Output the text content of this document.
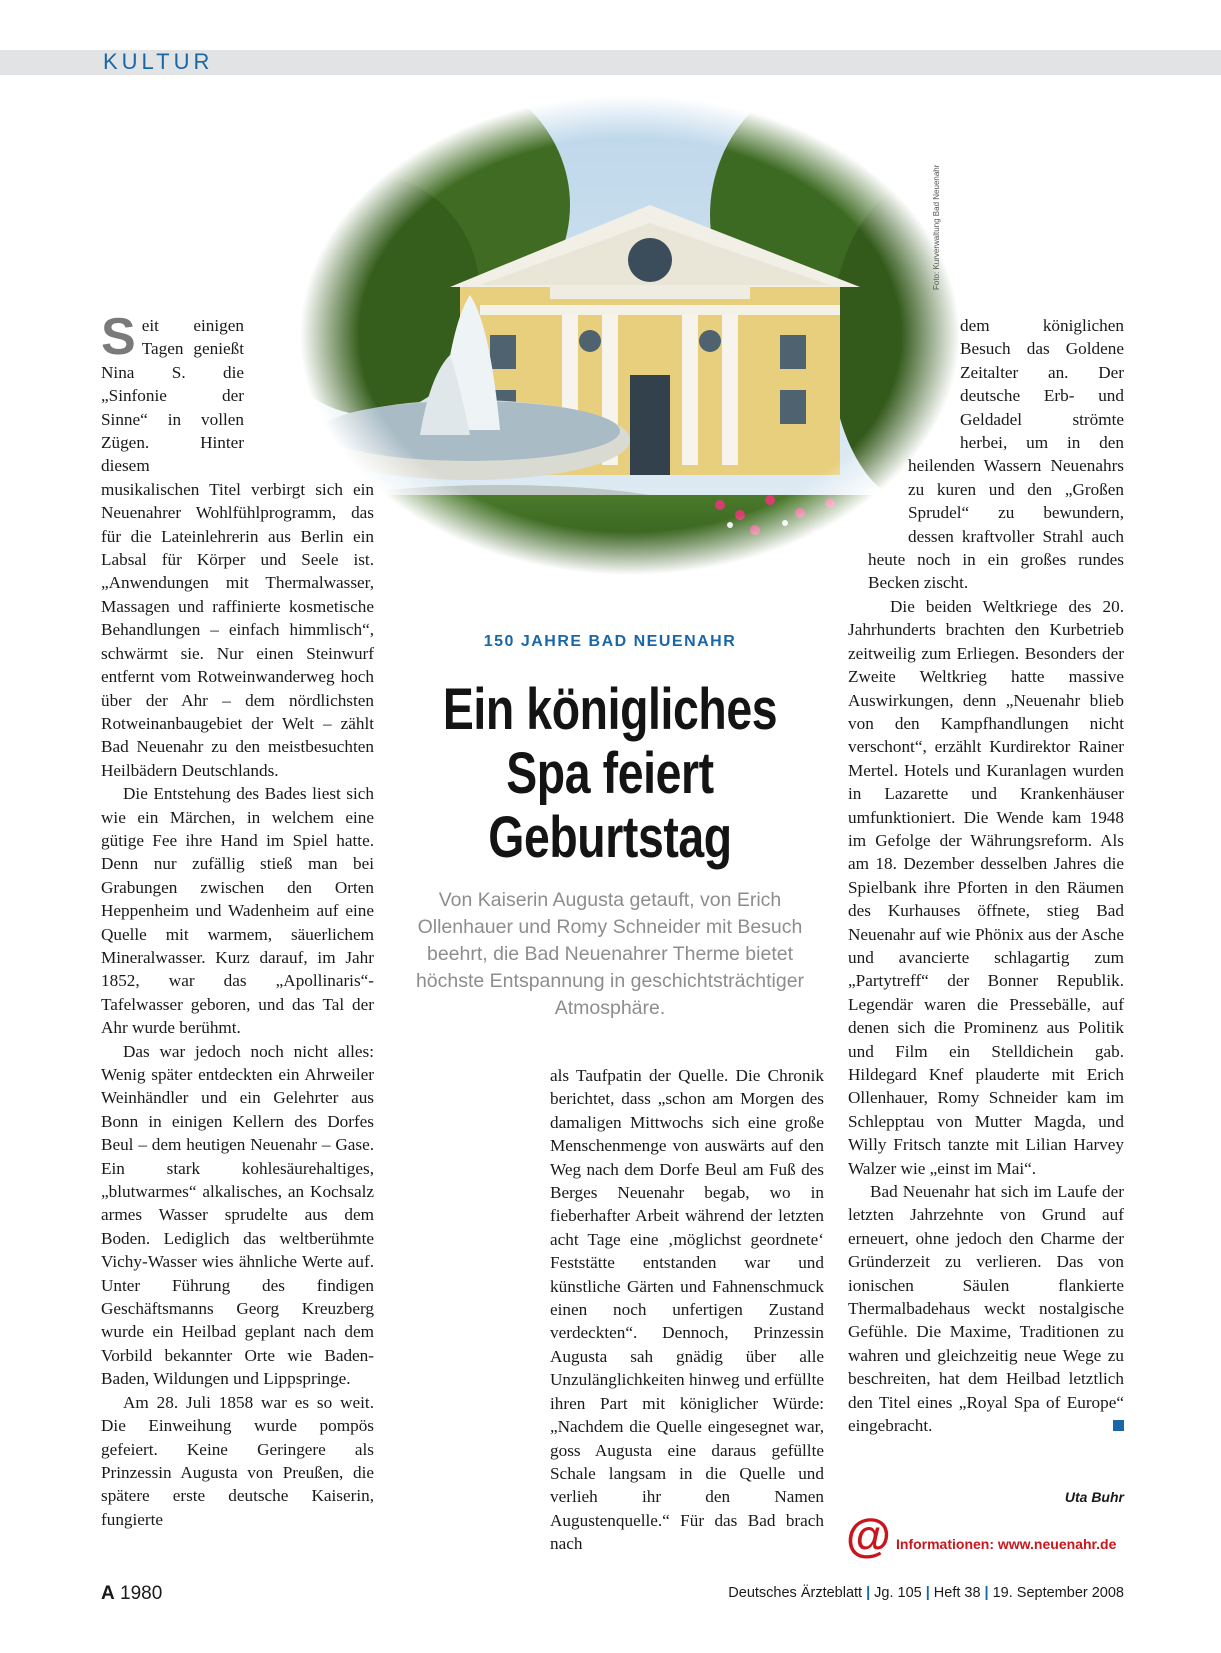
KULTUR
Foto: Kurverwaltung Bad Neuenahr

Seit einigen Tagen genießt Nina S. die „Sinfonie der Sinne“ in vollen Zügen. Hinter diesem musikalischen Titel verbirgt sich ein Neuenahrer Wohlfühlprogramm, das für die Lateinlehrerin aus Berlin ein Labsal für Körper und Seele ist. „Anwendungen mit Thermalwasser, Massagen und raffinierte kosmetische Behandlungen – einfach himmlisch“, schwärmt sie. Nur einen Steinwurf entfernt vom Rotweinwanderweg hoch über der Ahr – dem nördlichsten Rotweinanbaugebiet der Welt – zählt Bad Neuenahr zu den meistbesuchten Heilbädern Deutschlands.

Die Entstehung des Bades liest sich wie ein Märchen, in welchem eine gütige Fee ihre Hand im Spiel hatte. Denn nur zufällig stieß man bei Grabungen zwischen den Orten Heppenheim und Wadenheim auf eine Quelle mit warmem, säuerlichem Mineralwasser. Kurz darauf, im Jahr 1852, war das „Apollinaris“-Tafelwasser geboren, und das Tal der Ahr wurde berühmt.

Das war jedoch noch nicht alles: Wenig später entdeckten ein Ahrweiler Weinhändler und ein Gelehrter aus Bonn in einigen Kellern des Dorfes Beul – dem heutigen Neuenahr – Gase. Ein stark kohlesäurehaltiges, „blutwarmes“ alkalisches, an Kochsalz armes Wasser sprudelte aus dem Boden. Lediglich das weltberühmte Vichy-Wasser wies ähnliche Werte auf. Unter Führung des findigen Geschäftsmanns Georg Kreuzberg wurde ein Heilbad geplant nach dem Vorbild bekannter Orte wie Baden-Baden, Wildungen und Lippspringe.

Am 28. Juli 1858 war es so weit. Die Einweihung wurde pompös gefeiert. Keine Geringere als Prinzessin Augusta von Preußen, die spätere erste deutsche Kaiserin, fungierte

150 JAHRE BAD NEUENAHR
Ein königliches
Spa feiert
Geburtstag
Von Kaiserin Augusta getauft, von Erich Ollenhauer und Romy Schneider mit Besuch beehrt, die Bad Neuenahrer Therme bietet höchste Entspannung in geschichtsträchtiger Atmosphäre.

als Taufpatin der Quelle. Die Chronik berichtet, dass „schon am Morgen des damaligen Mittwochs sich eine große Menschenmenge von auswärts auf den Weg nach dem Dorfe Beul am Fuß des Berges Neuenahr begab, wo in fieberhafter Arbeit während der letzten acht Tage eine ‚möglichst geordnete‘ Feststätte entstanden war und künstliche Gärten und Fahnenschmuck einen noch unfertigen Zustand verdeckten“. Dennoch, Prinzessin Augusta sah gnädig über alle Unzulänglichkeiten hinweg und erfüllte ihren Part mit königlicher Würde: „Nachdem die Quelle eingesegnet war, goss Augusta eine daraus gefüllte Schale langsam in die Quelle und verlieh ihr den Namen Augustenquelle.“ Für das Bad brach nach

dem königlichen Besuch das Goldene Zeitalter an. Der deutsche Erb- und Geldadel strömte herbei, um in den heilenden Wassern Neuenahrs zu kuren und den „Großen Sprudel“ zu bewundern, dessen kraftvoller Strahl auch heute noch in ein großes rundes Becken zischt.

Die beiden Weltkriege des 20. Jahrhunderts brachten den Kurbetrieb zeitweilig zum Erliegen. Besonders der Zweite Weltkrieg hatte massive Auswirkungen, denn „Neuenahr blieb von den Kampfhandlungen nicht verschont“, erzählt Kurdirektor Rainer Mertel. Hotels und Kuranlagen wurden in Lazarette und Krankenhäuser umfunktioniert. Die Wende kam 1948 im Gefolge der Währungsreform. Als am 18. Dezember desselben Jahres die Spielbank ihre Pforten in den Räumen des Kurhauses öffnete, stieg Bad Neuenahr auf wie Phönix aus der Asche und avancierte schlagartig zum „Partytreff“ der Bonner Republik. Legendär waren die Pressebälle, auf denen sich die Prominenz aus Politik und Film ein Stelldichein gab. Hildegard Knef plauderte mit Erich Ollenhauer, Romy Schneider kam im Schlepptau von Mutter Magda, und Willy Fritsch tanzte mit Lilian Harvey Walzer wie „einst im Mai“.

Bad Neuenahr hat sich im Laufe der letzten Jahrzehnte von Grund auf erneuert, ohne jedoch den Charme der Gründerzeit zu verlieren. Das von ionischen Säulen flankierte Thermalbadehaus weckt nostalgische Gefühle. Die Maxime, Traditionen zu wahren und gleichzeitig neue Wege zu beschreiten, hat dem Heilbad letztlich den Titel eines „Royal Spa of Europe“ eingebracht.

Uta Buhr
@ Informationen: www.neuenahr.de
A 1980	Deutsches Ärzteblatt | Jg. 105 | Heft 38 | 19. September 2008
